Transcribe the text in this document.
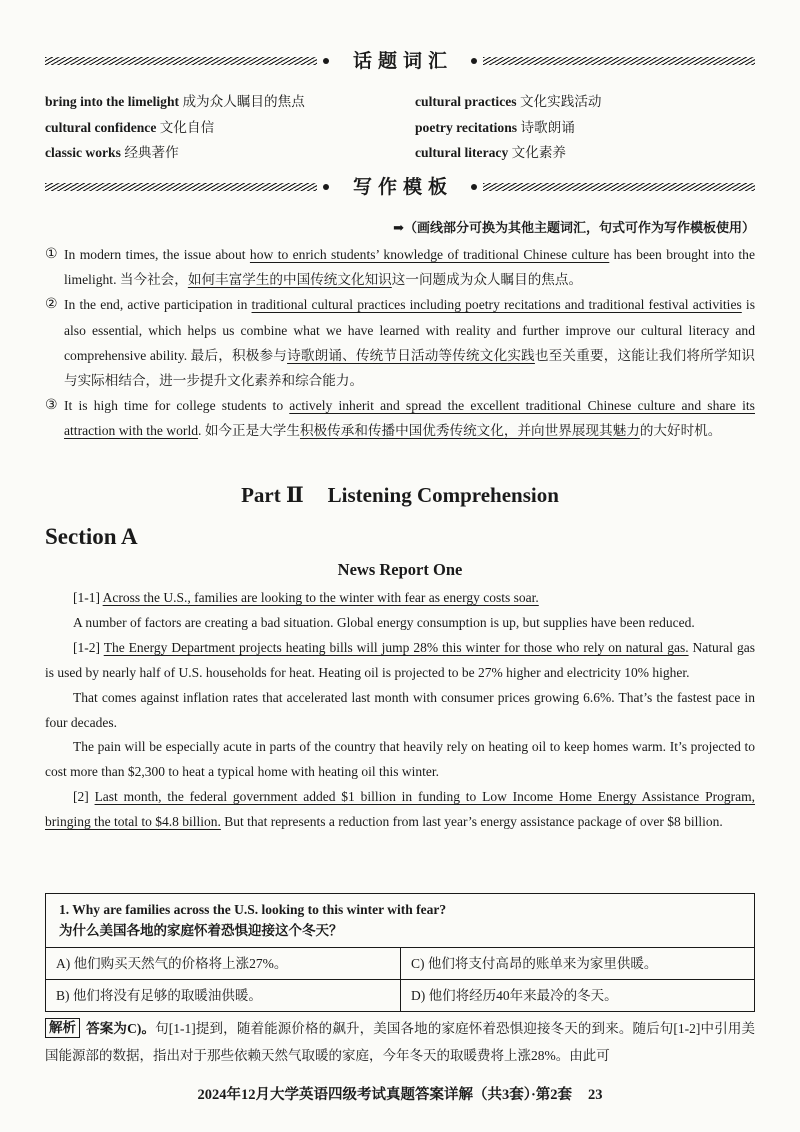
话题词汇
bring into the limelight 成为众人瞩目的焦点
cultural confidence 文化自信
classic works 经典著作
cultural practices 文化实践活动
poetry recitations 诗歌朗诵
cultural literacy 文化素养
写作模板
➡（画线部分可换为其他主题词汇，句式可作为写作模板使用）
① In modern times, the issue about how to enrich students’ knowledge of traditional Chinese culture has been brought into the limelight. 当今社会，如何丰富学生的中国传统文化知识这一问题成为众人瞩目的焦点。
② In the end, active participation in traditional cultural practices including poetry recitations and traditional festival activities is also essential, which helps us combine what we have learned with reality and further improve our cultural literacy and comprehensive ability. 最后，积极参与诗歌朗诵、传统节日活动等传统文化实践也至关重要，这能让我们将所学知识与实际相结合，进一步提升文化素养和综合能力。
③ It is high time for college students to actively inherit and spread the excellent traditional Chinese culture and share its attraction with the world. 如今正是大学生积极传承和传播中国优秀传统文化，并向世界展现其魅力的大好时机。
Part Ⅱ Listening Comprehension
Section A
News Report One

[1-1] Across the U.S., families are looking to the winter with fear as energy costs soar.

A number of factors are creating a bad situation. Global energy consumption is up, but supplies have been reduced.

[1-2] The Energy Department projects heating bills will jump 28% this winter for those who rely on natural gas. Natural gas is used by nearly half of U.S. households for heat. Heating oil is projected to be 27% higher and electricity 10% higher.

That comes against inflation rates that accelerated last month with consumer prices growing 6.6%. That’s the fastest pace in four decades.

The pain will be especially acute in parts of the country that heavily rely on heating oil to keep homes warm. It’s projected to cost more than $2,300 to heat a typical home with heating oil this winter.

[2] Last month, the federal government added $1 billion in funding to Low Income Home Energy Assistance Program, bringing the total to $4.8 billion. But that represents a reduction from last year’s energy assistance package of over $8 billion.

1. Why are families across the U.S. looking to this winter with fear?
为什么美国各地的家庭怀着恐惧迎接这个冬天？
A) 他们购买天然气的价格将上涨27%。	C) 他们将支付高昂的账单来为家里供暖。
B) 他们将没有足够的取暖油供暖。	D) 他们将经历40年来最冷的冬天。
解析 答案为C)。句[1-1]提到，随着能源价格的飙升，美国各地的家庭怀着恐惧迎接冬天的到来。随后句[1-2]中引用美国能源部的数据，指出对于那些依赖天然气取暖的家庭，今年冬天的取暖费将上涨28%。由此可
2024年12月大学英语四级考试真题答案详解（共3套）·第2套 23
